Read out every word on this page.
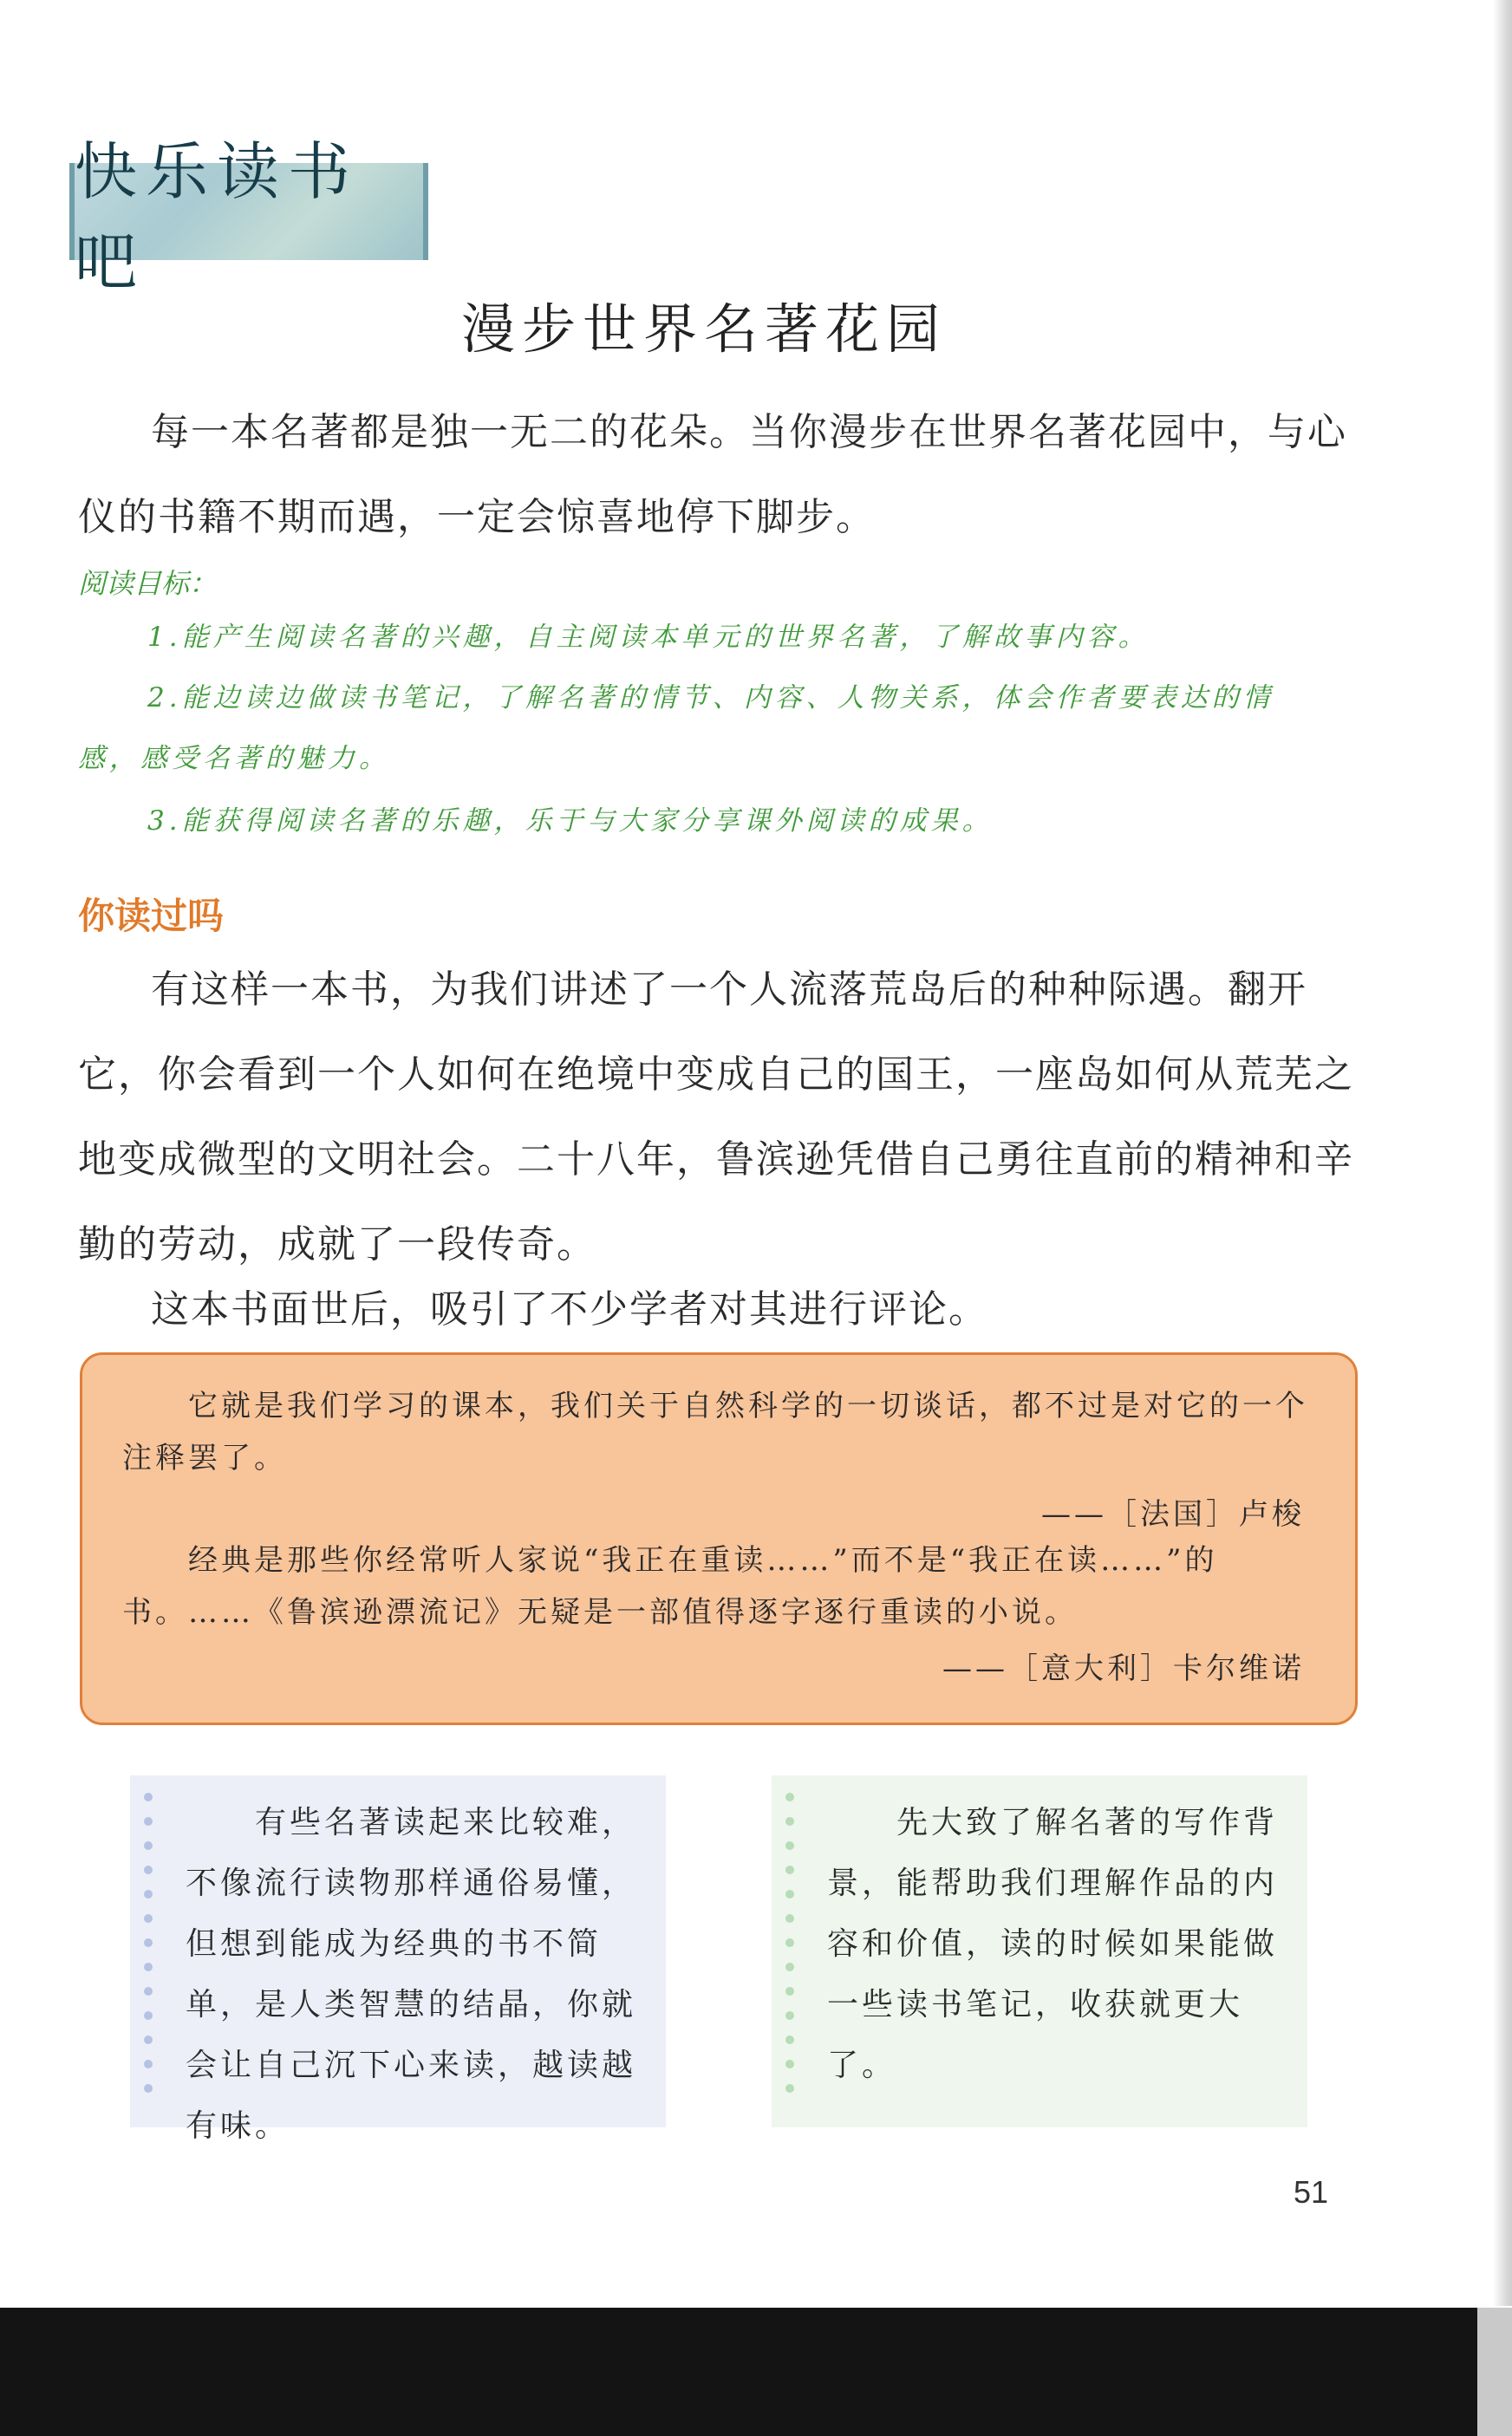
快乐读书吧
漫步世界名著花园

每一本名著都是独一无二的花朵。当你漫步在世界名著花园中，与心仪的书籍不期而遇，一定会惊喜地停下脚步。

阅读目标：
1.能产生阅读名著的兴趣，自主阅读本单元的世界名著，了解故事内容。
2.能边读边做读书笔记，了解名著的情节、内容、人物关系，体会作者要表达的情
感，感受名著的魅力。
3.能获得阅读名著的乐趣，乐于与大家分享课外阅读的成果。
你读过吗

有这样一本书，为我们讲述了一个人流落荒岛后的种种际遇。翻开它，你会看到一个人如何在绝境中变成自己的国王，一座岛如何从荒芜之地变成微型的文明社会。二十八年，鲁滨逊凭借自己勇往直前的精神和辛勤的劳动，成就了一段传奇。

这本书面世后，吸引了不少学者对其进行评论。

它就是我们学习的课本，我们关于自然科学的一切谈话，都不过是对它的一个
注释罢了。
——［法国］卢梭
经典是那些你经常听人家说“我正在重读……”而不是“我正在读……”的
书。……《鲁滨逊漂流记》无疑是一部值得逐字逐行重读的小说。
——［意大利］卡尔维诺

有些名著读起来比较难，不像流行读物那样通俗易懂，但想到能成为经典的书不简单，是人类智慧的结晶，你就会让自己沉下心来读，越读越有味。

先大致了解名著的写作背景，能帮助我们理解作品的内容和价值，读的时候如果能做一些读书笔记，收获就更大了。

51
